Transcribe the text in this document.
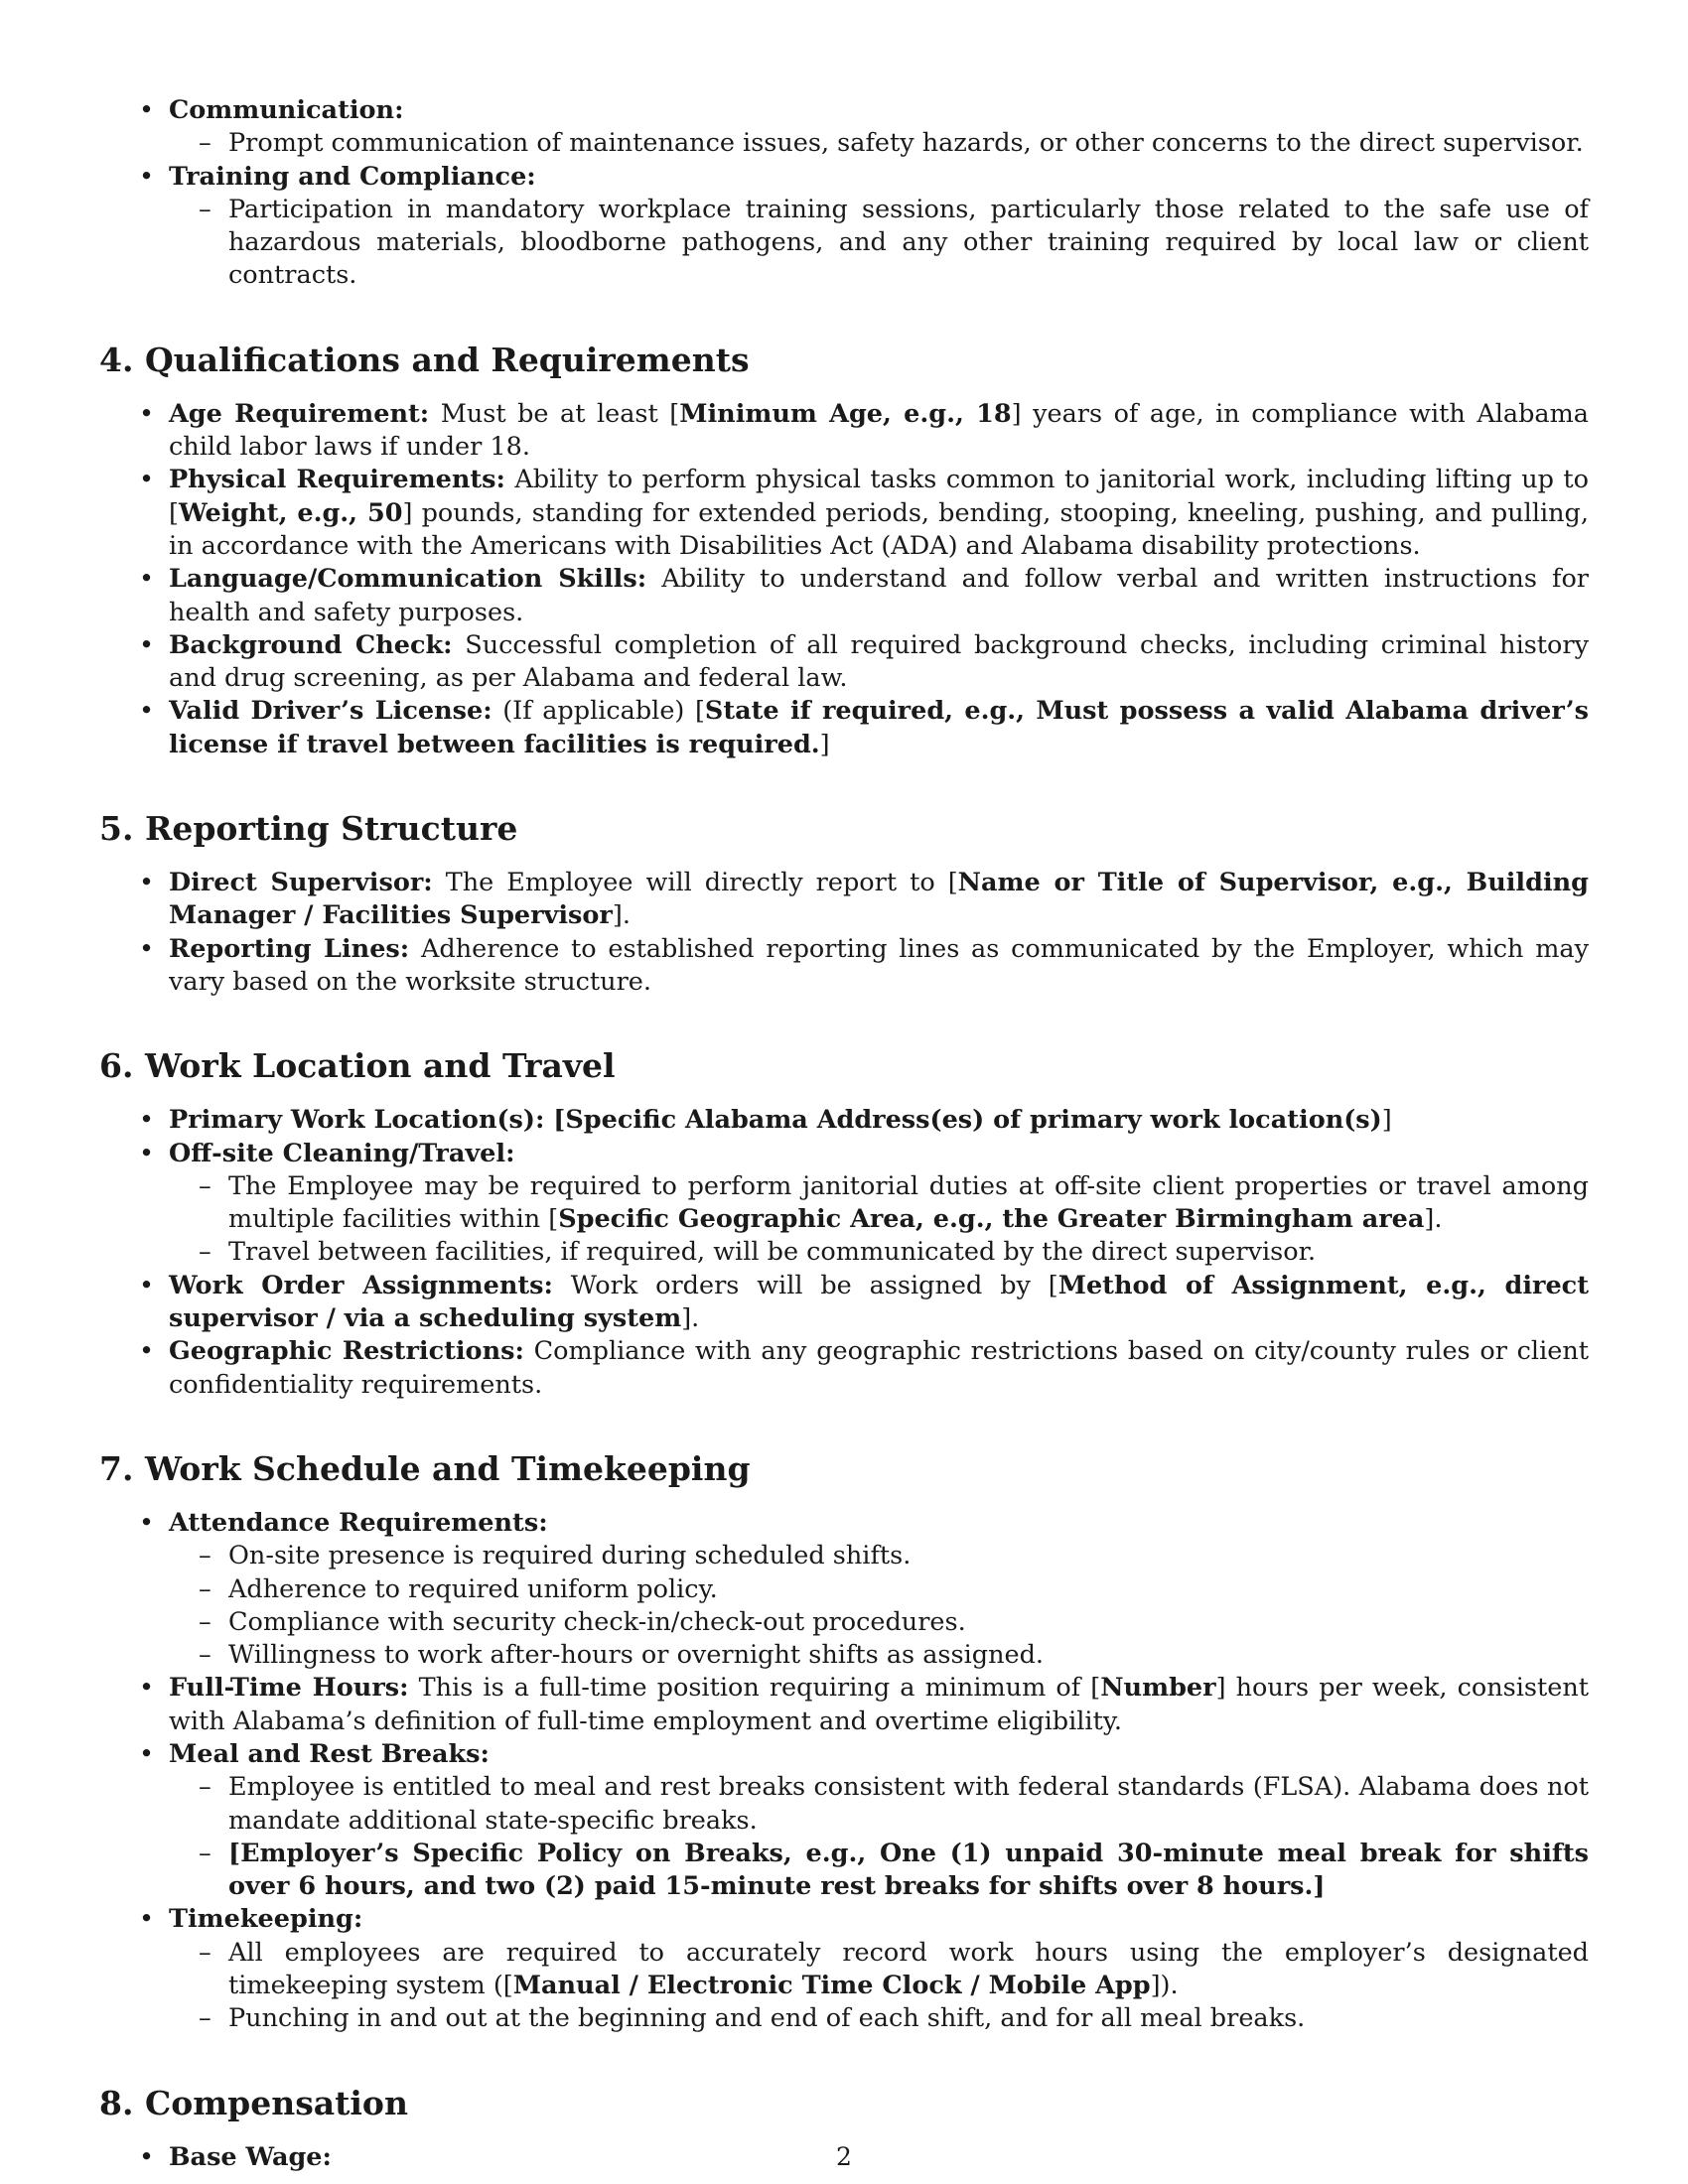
• Communication:
– Prompt communication of maintenance issues, safety hazards, or other concerns to the direct supervisor.
• Training and Compliance:
– Participation in mandatory workplace training sessions, particularly those related to the safe use of hazardous materials, bloodborne pathogens, and any other training required by local law or client contracts.
4. Qualifications and Requirements
• Age Requirement: Must be at least [Minimum Age, e.g., 18] years of age, in compliance with Alabama child labor laws if under 18.
• Physical Requirements: Ability to perform physical tasks common to janitorial work, including lifting up to [Weight, e.g., 50] pounds, standing for extended periods, bending, stooping, kneeling, pushing, and pulling, in accordance with the Americans with Disabilities Act (ADA) and Alabama disability protections.
• Language/Communication Skills: Ability to understand and follow verbal and written instructions for health and safety purposes.
• Background Check: Successful completion of all required background checks, including criminal history and drug screening, as per Alabama and federal law.
• Valid Driver’s License: (If applicable) [State if required, e.g., Must possess a valid Alabama driver’s license if travel between facilities is required.]
5. Reporting Structure
• Direct Supervisor: The Employee will directly report to [Name or Title of Supervisor, e.g., Building Manager / Facilities Supervisor].
• Reporting Lines: Adherence to established reporting lines as communicated by the Employer, which may vary based on the worksite structure.
6. Work Location and Travel
• Primary Work Location(s): [Specific Alabama Address(es) of primary work location(s)]
• Off-site Cleaning/Travel:
– The Employee may be required to perform janitorial duties at off-site client properties or travel among multiple facilities within [Specific Geographic Area, e.g., the Greater Birmingham area].
– Travel between facilities, if required, will be communicated by the direct supervisor.
• Work Order Assignments: Work orders will be assigned by [Method of Assignment, e.g., direct supervisor / via a scheduling system].
• Geographic Restrictions: Compliance with any geographic restrictions based on city/county rules or client confidentiality requirements.
7. Work Schedule and Timekeeping
• Attendance Requirements:
– On-site presence is required during scheduled shifts.
– Adherence to required uniform policy.
– Compliance with security check-in/check-out procedures.
– Willingness to work after-hours or overnight shifts as assigned.
• Full-Time Hours: This is a full-time position requiring a minimum of [Number] hours per week, consistent with Alabama’s definition of full-time employment and overtime eligibility.
• Meal and Rest Breaks:
– Employee is entitled to meal and rest breaks consistent with federal standards (FLSA). Alabama does not mandate additional state-specific breaks.
– [Employer’s Specific Policy on Breaks, e.g., One (1) unpaid 30-minute meal break for shifts over 6 hours, and two (2) paid 15-minute rest breaks for shifts over 8 hours.]
• Timekeeping:
– All employees are required to accurately record work hours using the employer’s designated timekeeping system ([Manual / Electronic Time Clock / Mobile App]).
– Punching in and out at the beginning and end of each shift, and for all meal breaks.
8. Compensation
• Base Wage:	2
